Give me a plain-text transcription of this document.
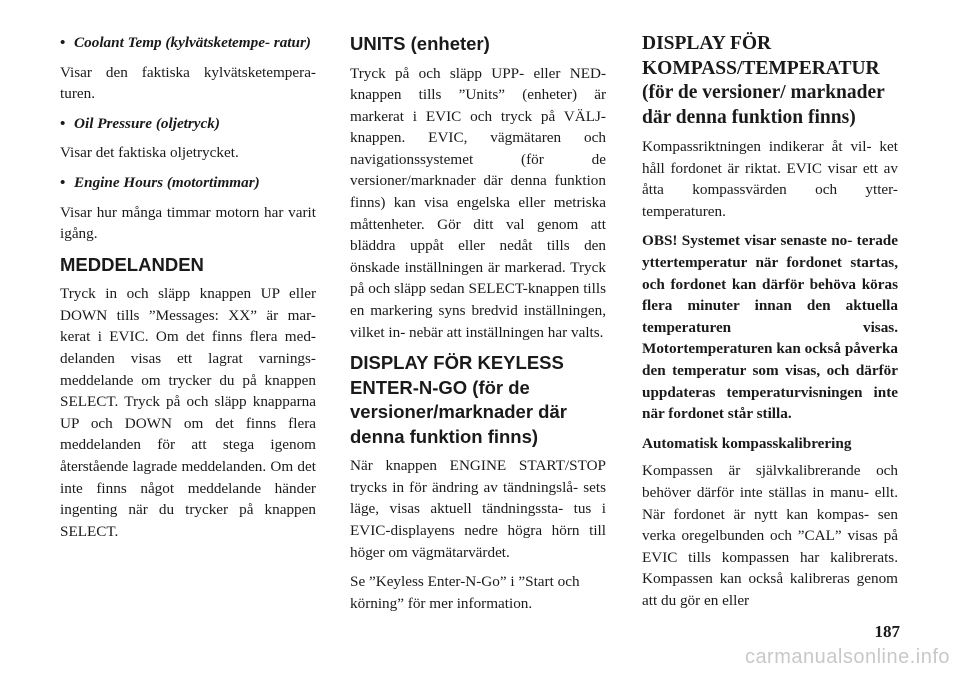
• Coolant Temp (kylvätsketempe- ratur)

Visar den faktiska kylvätsketempera- turen.

• Oil Pressure (oljetryck)

Visar det faktiska oljetrycket.

• Engine Hours (motortimmar)

Visar hur många timmar motorn har varit igång.

MEDDELANDEN

Tryck in och släpp knappen UP eller DOWN tills ”Messages: XX” är mar- kerat i EVIC. Om det finns flera med- delanden visas ett lagrat varnings- meddelande om trycker du på knappen SELECT. Tryck på och släpp knapparna UP och DOWN om det finns flera meddelanden för att stega igenom återstående lagrade meddelanden. Om det inte finns något meddelande händer ingenting när du trycker på knappen SELECT.

UNITS (enheter)

Tryck på och släpp UPP- eller NED- knappen tills ”Units” (enheter) är markerat i EVIC och tryck på VÄLJ- knappen. EVIC, vägmätaren och navigationssystemet (för de versioner/marknader där denna funktion finns) kan visa engelska eller metriska måttenheter. Gör ditt val genom att bläddra uppåt eller nedåt tills den önskade inställningen är markerad. Tryck på och släpp sedan SELECT-knappen tills en markering syns bredvid inställningen, vilket in- nebär att inställningen har valts.

DISPLAY FÖR KEYLESS ENTER-N-GO (för de versioner/marknader där denna funktion finns)

När knappen ENGINE START/STOP trycks in för ändring av tändningslå- sets läge, visas aktuell tändningssta- tus i EVIC-displayens nedre högra hörn till höger om vägmätarvärdet.

Se ”Keyless Enter-N-Go” i ”Start och körning” för mer information.

DISPLAY FÖR KOMPASS/TEMPERATUR (för de versioner/ marknader där denna funktion finns)

Kompassriktningen indikerar åt vil- ket håll fordonet är riktat. EVIC visar ett av åtta kompassvärden och ytter- temperaturen.

OBS! Systemet visar senaste no- terade yttertemperatur när fordonet startas, och fordonet kan därför behöva köras flera minuter innan den aktuella temperaturen visas. Motortemperaturen kan också påverka den temperatur som visas, och därför uppdateras temperaturvisningen inte när fordonet står stilla.

Automatisk kompasskalibrering

Kompassen är självkalibrerande och behöver därför inte ställas in manu- ellt. När fordonet är nytt kan kompas- sen verka oregelbunden och ”CAL” visas på EVIC tills kompassen har kalibrerats. Kompassen kan också kalibreras genom att du gör en eller

187
carmanualsonline.info
